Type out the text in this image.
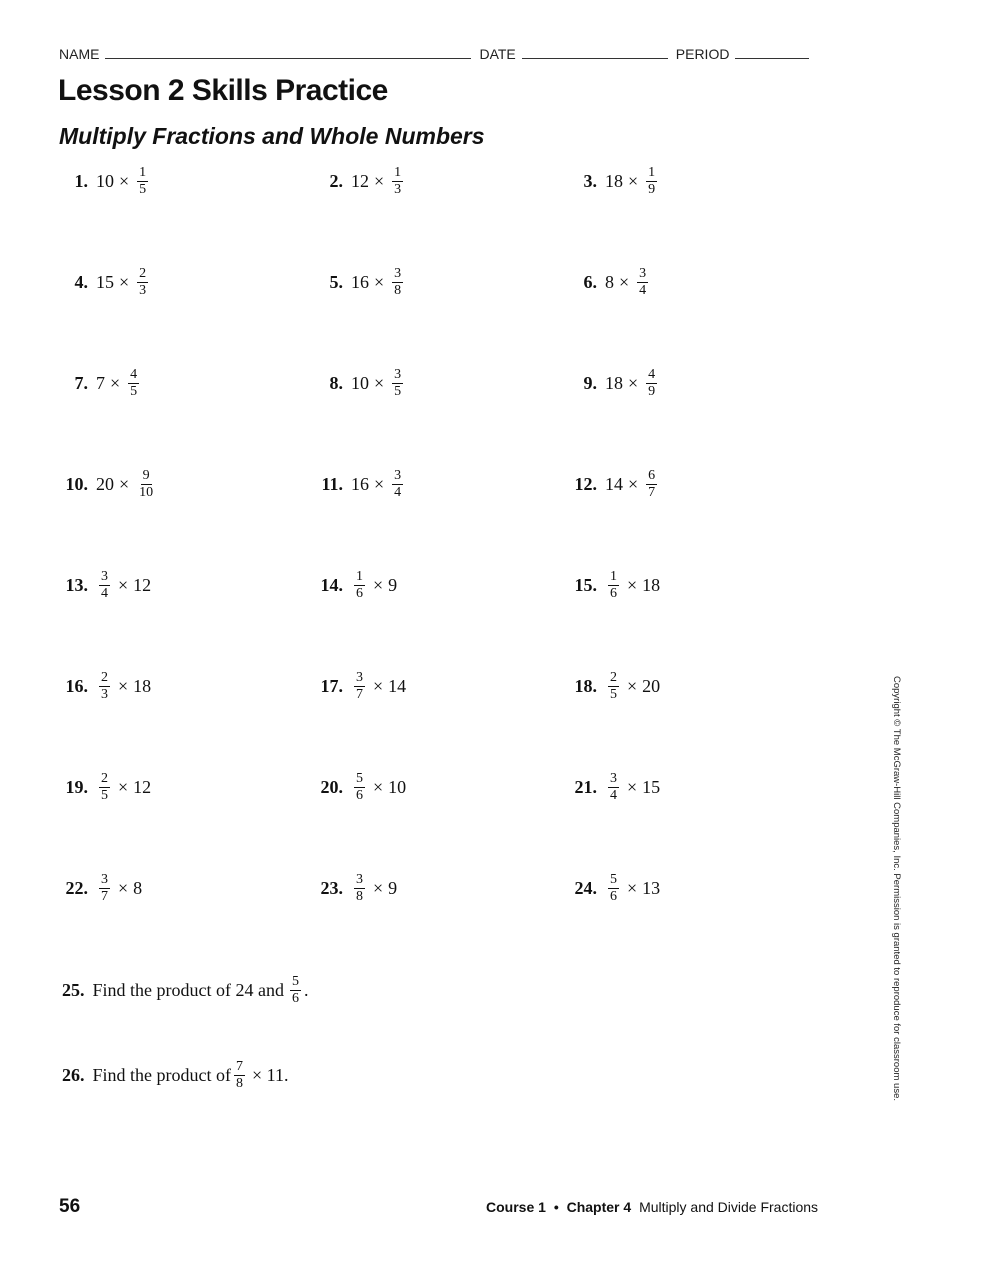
NAME	DATE	PERIOD
Lesson 2 Skills Practice
Multiply Fractions and Whole Numbers
1. $10 \times \frac{1}{5}$	2. $12 \times \frac{1}{3}$	3. $18 \times \frac{1}{9}$
4. $15 \times \frac{2}{3}$	5. $16 \times \frac{3}{8}$	6. $8 \times \frac{3}{4}$
7. $7 \times \frac{4}{5}$	8. $10 \times \frac{3}{5}$	9. $18 \times \frac{4}{9}$
10. $20 \times \frac{9}{10}$	11. $16 \times \frac{3}{4}$	12. $14 \times \frac{6}{7}$
13. $\frac{3}{4} \times 12$	14. $\frac{1}{6} \times 9$	15. $\frac{1}{6} \times 18$
16. $\frac{2}{3} \times 18$	17. $\frac{3}{7} \times 14$	18. $\frac{2}{5} \times 20$
19. $\frac{2}{5} \times 12$	20. $\frac{5}{6} \times 10$	21. $\frac{3}{4} \times 15$
22. $\frac{3}{7} \times 8$	23. $\frac{3}{8} \times 9$	24. $\frac{5}{6} \times 13$
25. Find the product of 24 and $\frac{5}{6}$ .
26. Find the product of $\frac{7}{8} \times 11$.	Copyright © The McGraw-Hill Companies, Inc. Permission is granted to reproduce for classroom use.
56	Course 1 • Chapter 4 Multiply and Divide Fractions
